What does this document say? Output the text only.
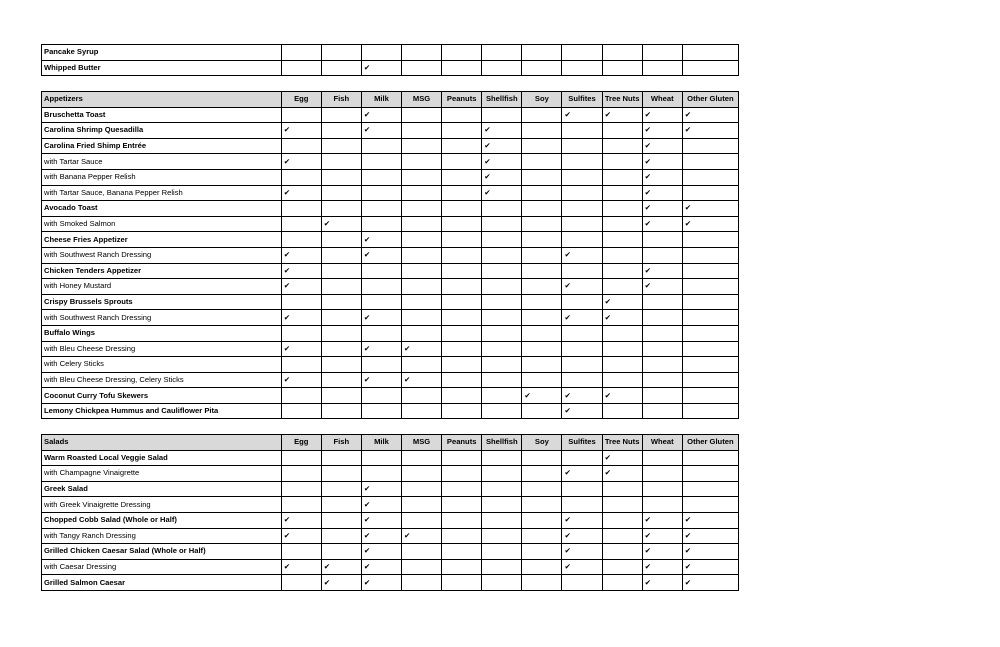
Pancake Syrup											
Whipped Butter			✔								
Appetizers	Egg	Fish	Milk	MSG	Peanuts	Shellfish	Soy	Sulfites	Tree Nuts	Wheat	Other Gluten
Bruschetta Toast			✔					✔	✔	✔	✔
Carolina Shrimp Quesadilla	✔		✔			✔				✔	✔
Carolina Fried Shimp Entrée						✔				✔	
with Tartar Sauce	✔					✔				✔	
with Banana Pepper Relish						✔				✔	
with Tartar Sauce, Banana Pepper Relish	✔					✔				✔	
Avocado Toast										✔	✔
with Smoked Salmon		✔								✔	✔
Cheese Fries Appetizer			✔								
with Southwest Ranch Dressing	✔		✔					✔			
Chicken Tenders Appetizer	✔									✔	
with Honey Mustard	✔							✔		✔	
Crispy Brussels Sprouts									✔		
with Southwest Ranch Dressing	✔		✔					✔	✔		
Buffalo Wings											
with Bleu Cheese Dressing	✔		✔	✔							
with Celery Sticks											
with Bleu Cheese Dressing, Celery Sticks	✔		✔	✔							
Coconut Curry Tofu Skewers							✔	✔	✔		
Lemony Chickpea Hummus and Cauliflower Pita								✔			
Salads	Egg	Fish	Milk	MSG	Peanuts	Shellfish	Soy	Sulfites	Tree Nuts	Wheat	Other Gluten
Warm Roasted Local Veggie Salad									✔		
with Champagne Vinaigrette								✔	✔		
Greek Salad			✔								
with Greek Vinaigrette Dressing			✔								
Chopped Cobb Salad (Whole or Half)	✔		✔					✔		✔	✔
with Tangy Ranch Dressing	✔		✔	✔				✔		✔	✔
Grilled Chicken Caesar Salad (Whole or Half)			✔					✔		✔	✔
with Caesar Dressing	✔	✔	✔					✔		✔	✔
Grilled Salmon Caesar		✔	✔							✔	✔
